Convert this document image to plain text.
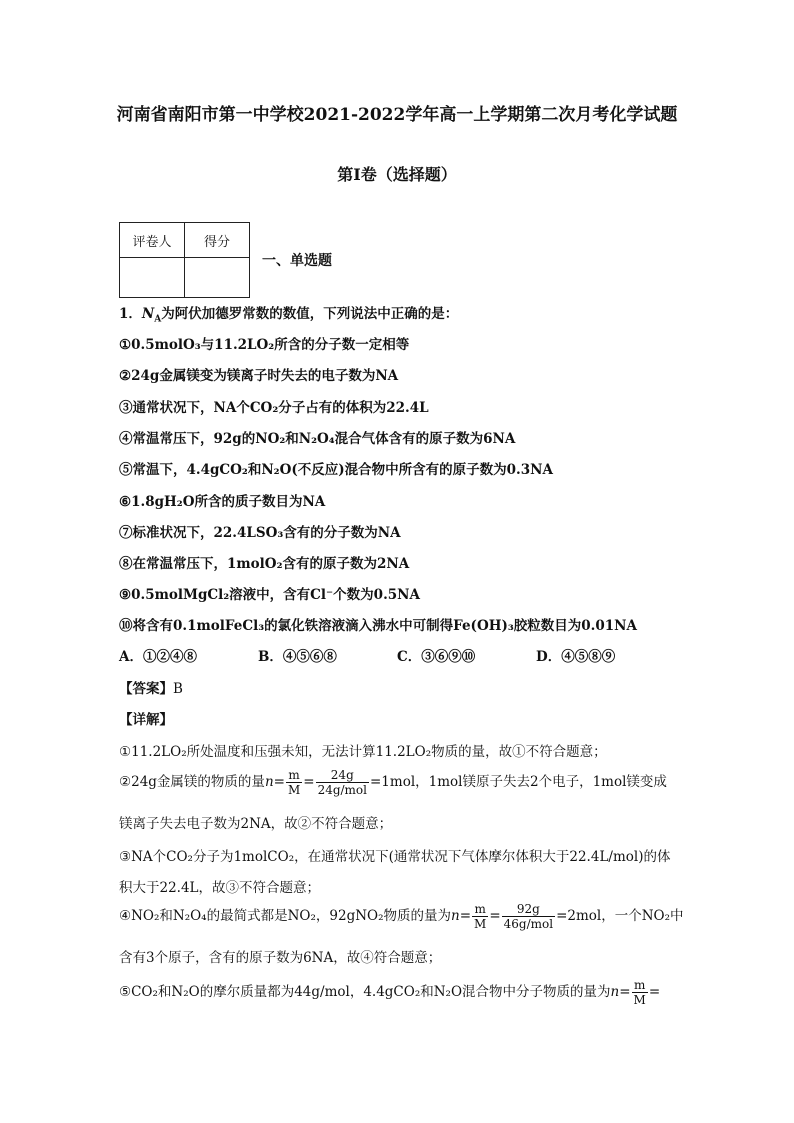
河南省南阳市第一中学校2021-2022学年高一上学期第二次月考化学试题
第I卷（选择题）
评卷人	得分

一、单选题
1．$N_A$为阿伏加德罗常数的数值，下列说法中正确的是：
①0.5molO₃与11.2LO₂所含的分子数一定相等
②24g金属镁变为镁离子时失去的电子数为NA
③通常状况下，NA个CO₂分子占有的体积为22.4L
④常温常压下，92g的NO₂和N₂O₄混合气体含有的原子数为6NA
⑤常温下，4.4gCO₂和N₂O(不反应)混合物中所含有的原子数为0.3NA
⑥1.8gH₂O所含的质子数目为NA
⑦标准状况下，22.4LSO₃含有的分子数为NA
⑧在常温常压下，1molO₂含有的原子数为2NA
⑨0.5molMgCl₂溶液中，含有Cl⁻个数为0.5NA
⑩将含有0.1molFeCl₃的氯化铁溶液滴入沸水中可制得Fe(OH)₃胶粒数目为0.01NA
A．①②④⑧	B．④⑤⑥⑧	C．③⑥⑨⑩	D．④⑤⑧⑨
【答案】B
【详解】
①11.2LO₂所处温度和压强未知，无法计算11.2LO₂物质的量，故①不符合题意；
②24g金属镁的物质的量$n= \frac{m}{M} = \frac{24g}{\text{24g/mol}} =1mol$，1mol镁原子失去2个电子，1mol镁变成
镁离子失去电子数为2NA，故②不符合题意；
③NA个CO₂分子为1molCO₂，在通常状况下(通常状况下气体摩尔体积大于22.4L/mol)的体
积大于22.4L，故③不符合题意；
④NO₂和N₂O₄的最简式都是NO₂，92gNO₂物质的量为$n= \frac{m}{M} = \frac{92g}{\text{46g/mol}} =2mol$，一个NO₂中
含有3个原子，含有的原子数为6NA，故④符合题意；
⑤CO₂和N₂O的摩尔质量都为44g/mol，4.4gCO₂和N₂O混合物中分子物质的量为$n= \frac{m}{M}$ =
